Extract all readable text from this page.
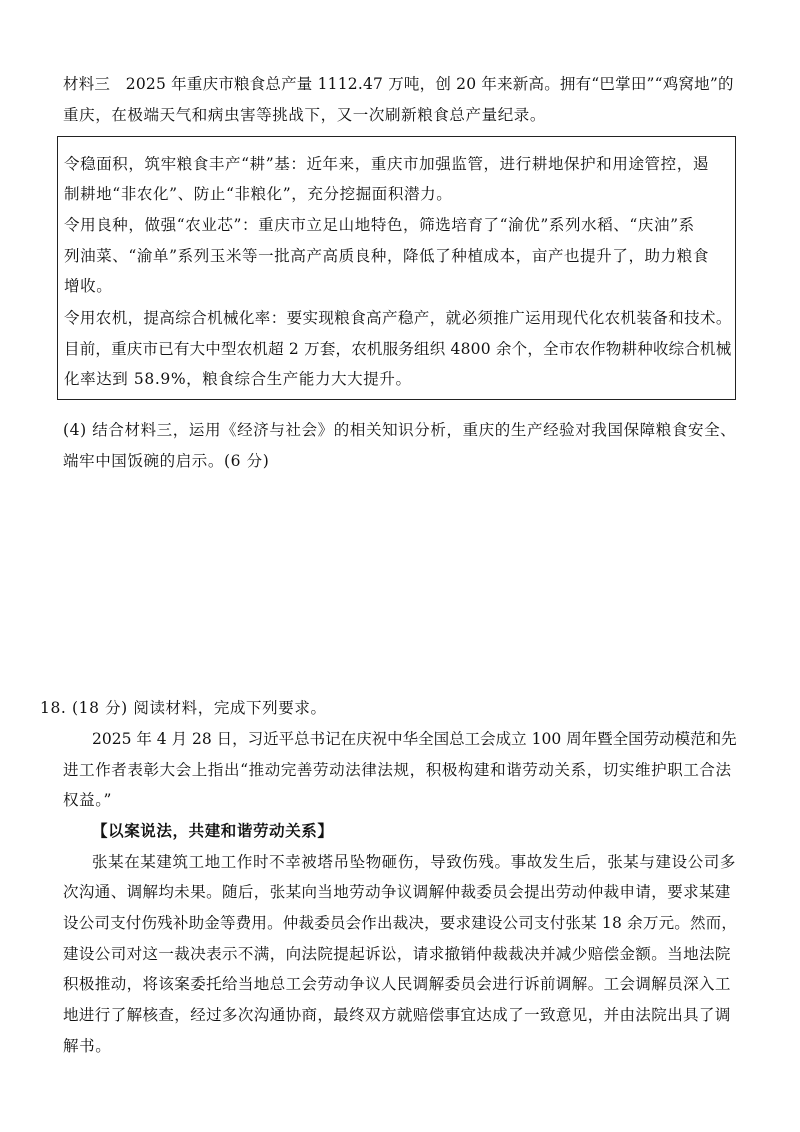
材料三　2025 年重庆市粮食总产量 1112.47 万吨，创 20 年来新高。拥有“巴掌田”“鸡窝地”的
重庆，在极端天气和病虫害等挑战下，又一次刷新粮食总产量纪录。
令稳面积，筑牢粮食丰产“耕”基：近年来，重庆市加强监管，进行耕地保护和用途管控，遏
制耕地“非农化”、防止“非粮化”，充分挖掘面积潜力。
令用良种，做强“农业芯”：重庆市立足山地特色，筛选培育了“渝优”系列水稻、“庆油”系
列油菜、“渝单”系列玉米等一批高产高质良种，降低了种植成本，亩产也提升了，助力粮食
增收。
令用农机，提高综合机械化率：要实现粮食高产稳产，就必须推广运用现代化农机装备和技术。
目前，重庆市已有大中型农机超 2 万套，农机服务组织 4800 余个，全市农作物耕种收综合机械
化率达到 58.9%，粮食综合生产能力大大提升。
(4) 结合材料三，运用《经济与社会》的相关知识分析，重庆的生产经验对我国保障粮食安全、
端牢中国饭碗的启示。(6 分)
18. (18 分) 阅读材料，完成下列要求。
2025 年 4 月 28 日，习近平总书记在庆祝中华全国总工会成立 100 周年暨全国劳动模范和先
进工作者表彰大会上指出“推动完善劳动法律法规，积极构建和谐劳动关系，切实维护职工合法
权益。”
【以案说法，共建和谐劳动关系】
张某在某建筑工地工作时不幸被塔吊坠物砸伤，导致伤残。事故发生后，张某与建设公司多
次沟通、调解均未果。随后，张某向当地劳动争议调解仲裁委员会提出劳动仲裁申请，要求某建
设公司支付伤残补助金等费用。仲裁委员会作出裁决，要求建设公司支付张某 18 余万元。然而，
建设公司对这一裁决表示不满，向法院提起诉讼，请求撤销仲裁裁决并减少赔偿金额。当地法院
积极推动，将该案委托给当地总工会劳动争议人民调解委员会进行诉前调解。工会调解员深入工
地进行了解核查，经过多次沟通协商，最终双方就赔偿事宜达成了一致意见，并由法院出具了调
解书。
